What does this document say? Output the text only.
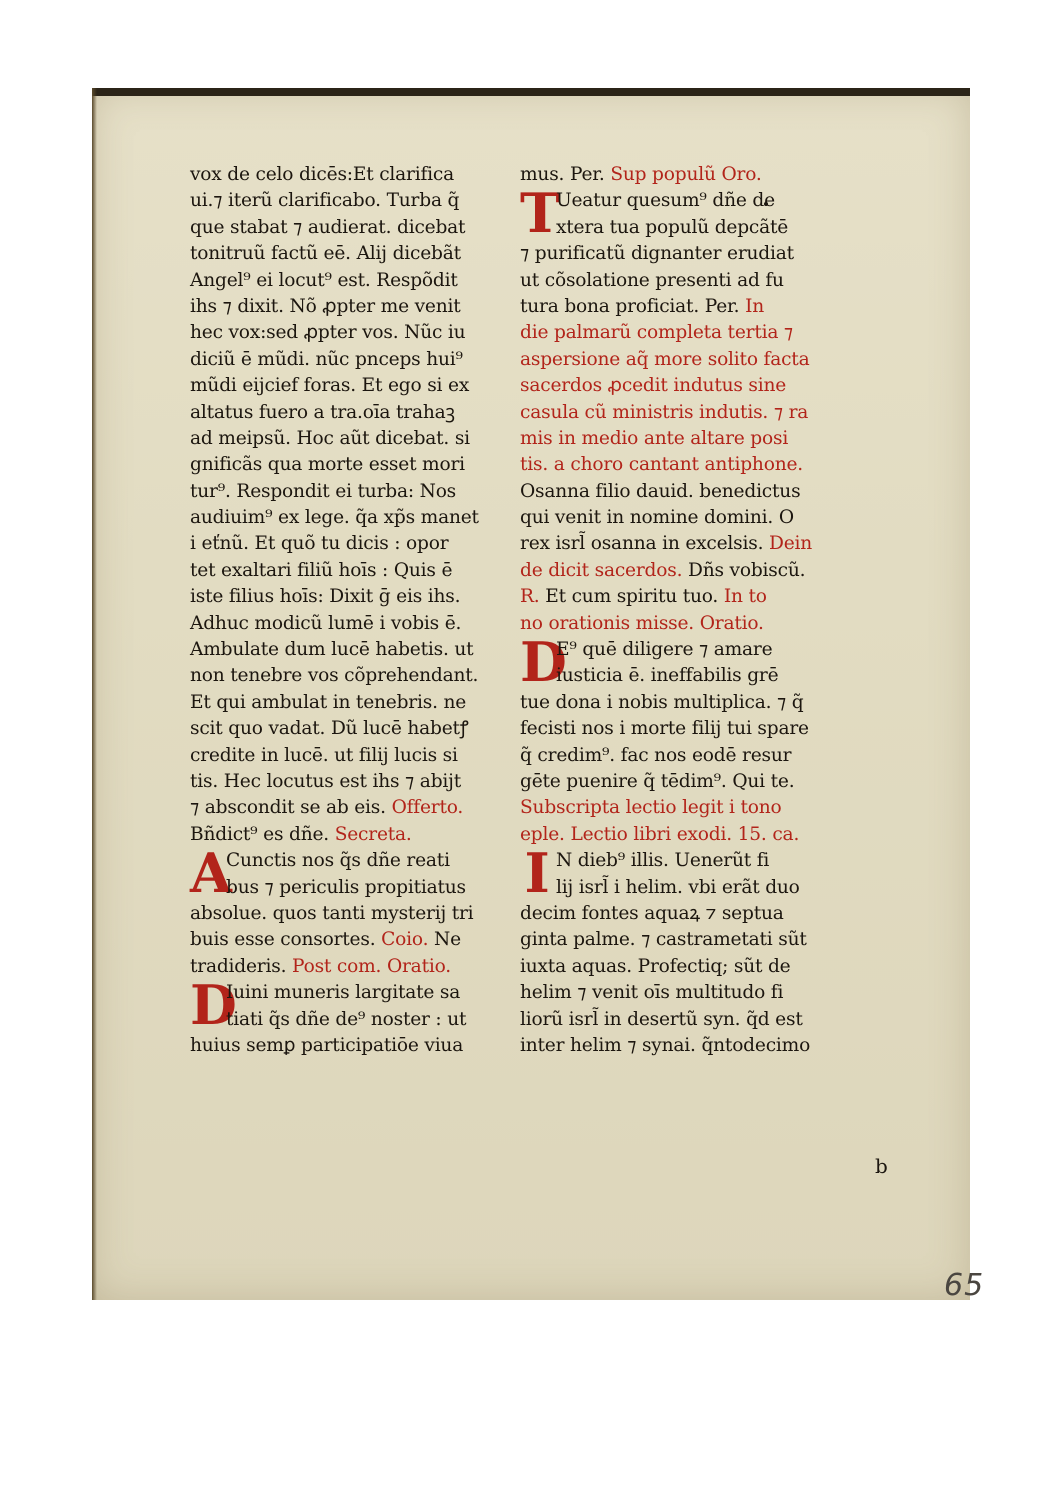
vox de celo dicēs:Et clarifica
ui.⁊ iterũ clarificabo. Turba q̃
que stabat ⁊ audierat. dicebat
tonitruũ factũ eē. Alij dicebãt
Angel⁹ ei locut⁹ est. Respõdit
ihs ⁊ dixit. Nõ ꝓpter me venit
hec vox:sed ꝓpter vos. Nũc iu
diciũ ē mũdi. nũc pnceps hui⁹
mũdi eijcief foras. Et ego si ex
altatus fuero a tra.oīa trahaꝫ
ad meipsũ. Hoc aũt dicebat. si
gnificãs qua morte esset mori
tur⁹. Respondit ei turba: Nos
audiuim⁹ ex lege. q̃a xp̃s manet
i eťnũ. Et quõ tu dicis : opor
tet exaltari filiũ hoīs : Quis ē
iste filius hoīs: Dixit ḡ eis ihs.
Adhuc modicũ lumē i vobis ē.
Ambulate dum lucē habetis. ut
non tenebre vos cõprehendant.
Et qui ambulat in tenebris. ne
scit quo vadat. Dũ lucē habetꝭ
credite in lucē. ut filij lucis si
tis. Hec locutus est ihs ⁊ abijt
⁊ abscondit se ab eis. Offerto.
Bñdict⁹ es dñe. Secreta.
A
Cunctis nos q̃s dñe reati
bus ⁊ periculis propitiatus
absolue. quos tanti mysterij tri
buis esse consortes. Coio. Ne
tradideris. Post com. Oratio.
D
Iuini muneris largitate sa
tiati q̃s dñe de⁹ noster : ut
huius semꝑ participatiōe viua
mus. Per. Sup populũ Oro.
T
Ueatur quesum⁹ dñe de
xtera tua populũ depcãtē
⁊ purificatũ dignanter erudiat
ut cõsolatione presenti ad fu
tura bona proficiat. Per. In
die palmarũ completa tertia ⁊
aspersione aq̃ more solito facta
sacerdos ꝓcedit indutus sine
casula cũ ministris indutis. ⁊ ra
mis in medio ante altare posi
tis. a choro cantant antiphone.
Osanna filio dauid. benedictus
qui venit in nomine domini. O
rex isrl̃ osanna in excelsis. Dein
de dicit sacerdos. Dñs vobiscũ.
R. Et cum spiritu tuo. In to
no orationis misse. Oratio.
D
E⁹ quē diligere ⁊ amare
iusticia ē. ineffabilis grē
tue dona i nobis multiplica. ⁊ q̃
fecisti nos i morte filij tui spare
q̃ credim⁹. fac nos eodē resur
gēte puenire q̃ tēdim⁹. Qui te.
Subscripta lectio legit i tono
eple. Lectio libri exodi. 15. ca.
I N dieb⁹ illis. Uenerũt fi
lij isrl̃ i helim. vbi erãt duo
decim fontes aquaꝝ ⁊ septua
ginta palme. ⁊ castrametati sũt
iuxta aquas. Profectiq; sũt de
helim ⁊ venit oīs multitudo fi
liorũ isrl̃ in desertũ syn. q̃d est
inter helim ⁊ synai. q̃ntodecimo
b
65
